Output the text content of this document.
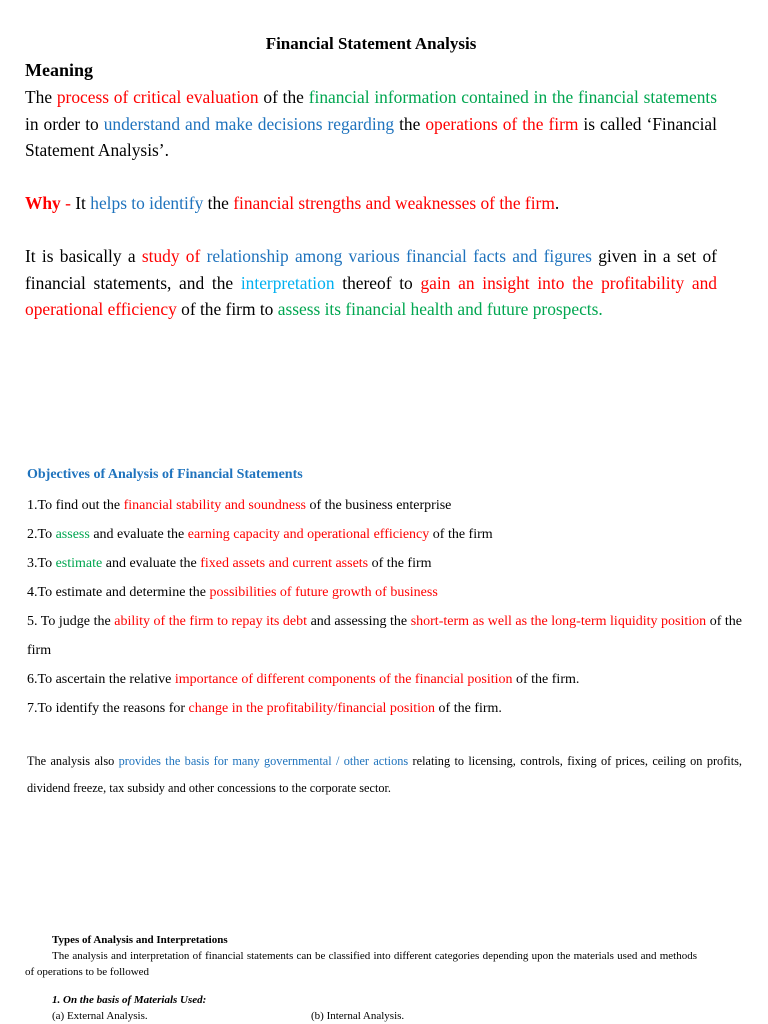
Financial Statement Analysis
Meaning
The process of critical evaluation of the financial information contained in the financial statements in order to understand and make decisions regarding the operations of the firm is called ‘Financial Statement Analysis’.
Why - It helps to identify the financial strengths and weaknesses of the firm.
It is basically a study of relationship among various financial facts and figures given in a set of financial statements, and the interpretation thereof to gain an insight into the profitability and operational efficiency of the firm to assess its financial health and future prospects.
Objectives of Analysis of Financial Statements
1.To find out the financial stability and soundness of the business enterprise
2.To assess and evaluate the earning capacity and operational efficiency of the firm
3.To estimate and evaluate the fixed assets and current assets of the firm
4.To estimate and determine the possibilities of future growth of business
5. To judge the ability of the firm to repay its debt and assessing the short-term as well as the long-term liquidity position of the firm
6.To ascertain the relative importance of different components of the financial position of the firm.
7.To identify the reasons for change in the profitability/financial position of the firm.
The analysis also provides the basis for many governmental / other actions relating to licensing, controls, fixing of prices, ceiling on profits, dividend freeze, tax subsidy and other concessions to the corporate sector.
Types of Analysis and Interpretations
The analysis and interpretation of financial statements can be classified into different categories depending upon the materials used and methods of operations to be followed
1. On the basis of Materials Used:
(a) External Analysis.	(b) Internal Analysis.
